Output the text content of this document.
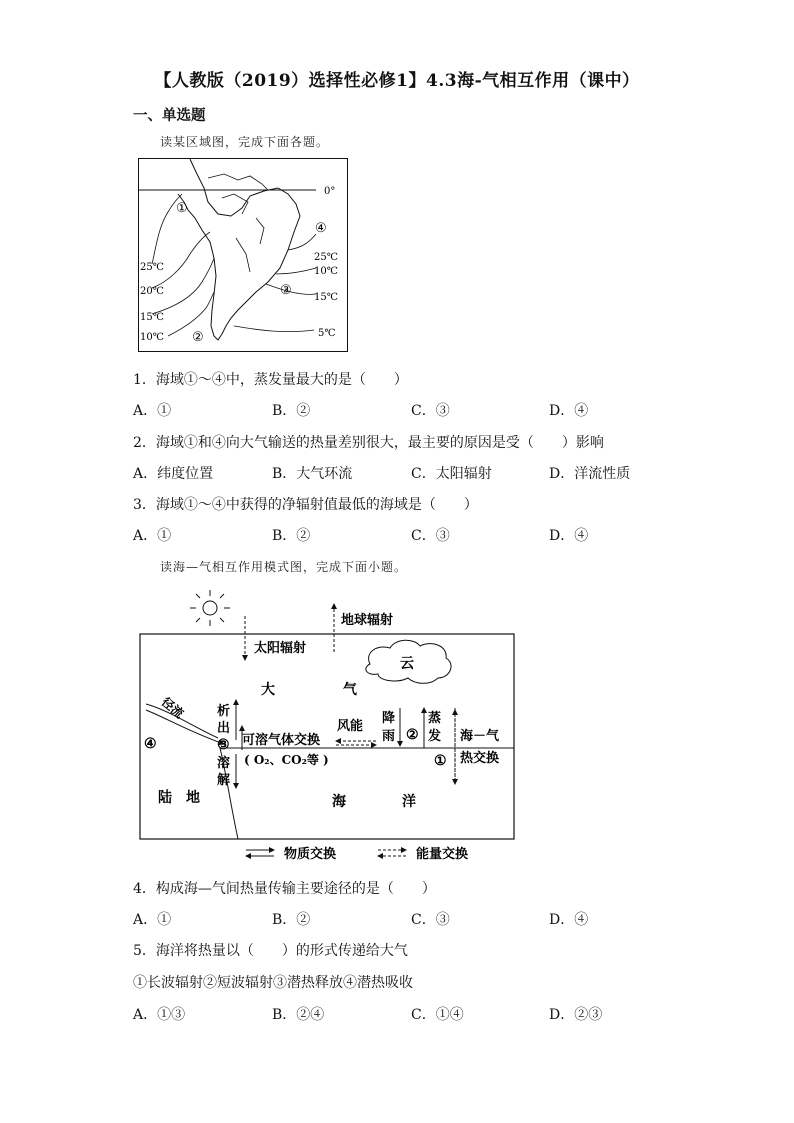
【人教版（2019）选择性必修1】4.3海-气相互作用（课中）
一、单选题
读某区域图，完成下面各题。
0°
25℃
20℃
15℃
10℃
25℃
10℃
15℃
5℃
①
②
③
④
1．海域①～④中，蒸发量最大的是（　　）
A．①	B．②	C．③	D．④
2．海域①和④向大气输送的热量差别很大，最主要的原因是受（　　）影响
A．纬度位置	B．大气环流	C．太阳辐射	D．洋流性质
3．海域①～④中获得的净辐射值最低的海域是（　　）
A．①	B．②	C．③	D．④
读海—气相互作用模式图，完成下面小题。
地球辐射
太阳辐射
云
大	气
径流
④
析
出
③
溶
解
可溶气体交换
( O₂、CO₂等 )
风能
降
雨 ②
蒸
发
①
海－气
热交换
陆　地	海	洋
物质交换	能量交换
4．构成海—气间热量传输主要途径的是（　　）
A．①	B．②	C．③	D．④
5．海洋将热量以（　　）的形式传递给大气
①长波辐射②短波辐射③潜热释放④潜热吸收
A．①③	B．②④	C．①④	D．②③
